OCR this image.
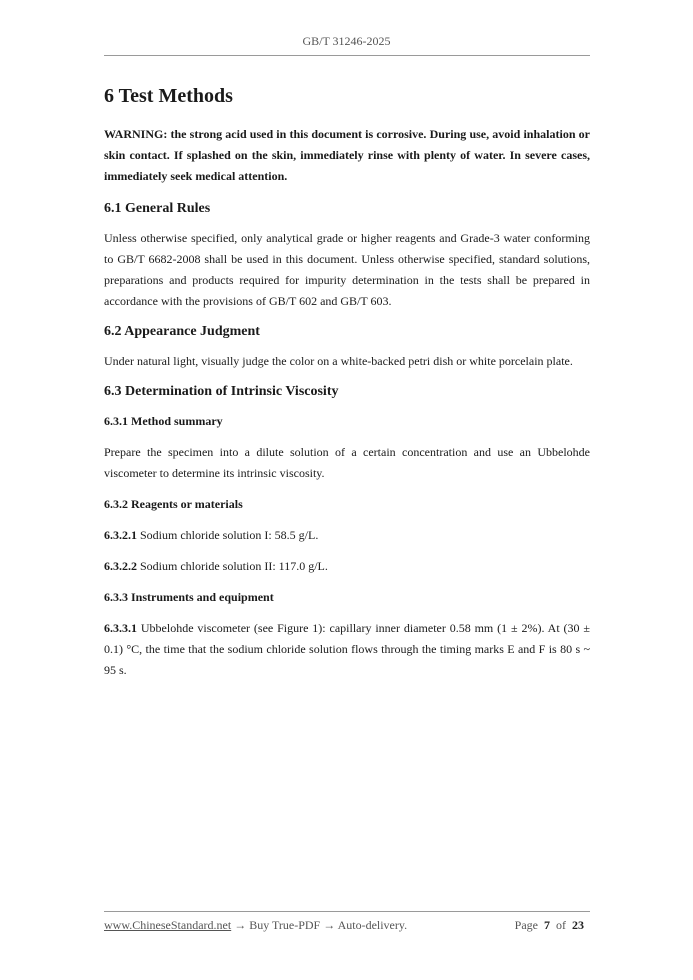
GB/T 31246-2025
6 Test Methods

WARNING: the strong acid used in this document is corrosive. During use, avoid inhalation or skin contact. If splashed on the skin, immediately rinse with plenty of water. In severe cases, immediately seek medical attention.

6.1 General Rules

Unless otherwise specified, only analytical grade or higher reagents and Grade-3 water conforming to GB/T 6682-2008 shall be used in this document. Unless otherwise specified, standard solutions, preparations and products required for impurity determination in the tests shall be prepared in accordance with the provisions of GB/T 602 and GB/T 603.

6.2 Appearance Judgment

Under natural light, visually judge the color on a white-backed petri dish or white porcelain plate.

6.3 Determination of Intrinsic Viscosity
6.3.1 Method summary

Prepare the specimen into a dilute solution of a certain concentration and use an Ubbelohde viscometer to determine its intrinsic viscosity.

6.3.2 Reagents or materials

6.3.2.1 Sodium chloride solution I: 58.5 g/L.

6.3.2.2 Sodium chloride solution II: 117.0 g/L.

6.3.3 Instruments and equipment

6.3.3.1 Ubbelohde viscometer (see Figure 1): capillary inner diameter 0.58 mm (1 ± 2%). At (30 ± 0.1) °C, the time that the sodium chloride solution flows through the timing marks E and F is 80 s ~ 95 s.

www.ChineseStandard.net → Buy True-PDF → Auto-delivery.	Page 7 of 23
